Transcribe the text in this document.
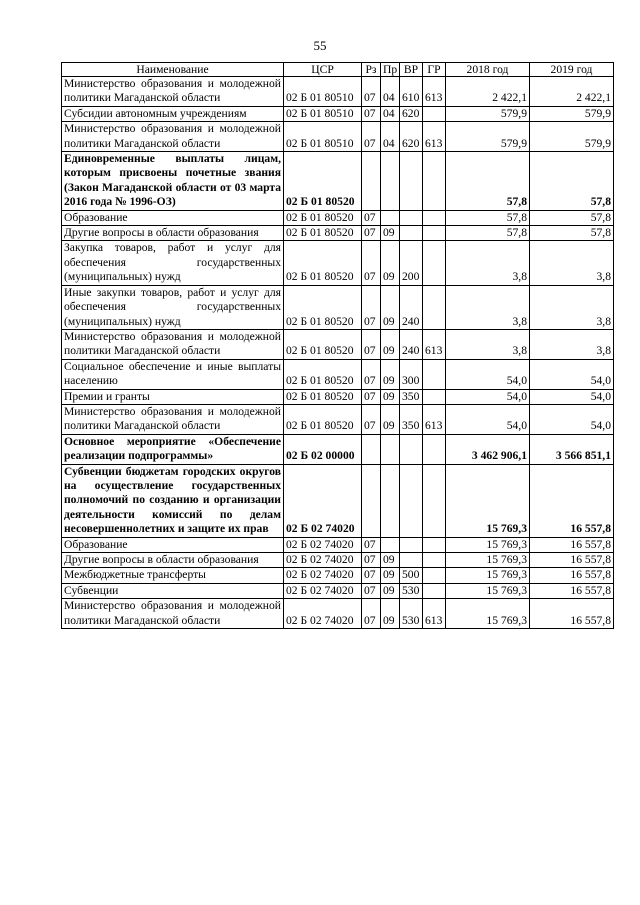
55
Наименование	ЦСР	Рз	Пр	ВР	ГР	2018 год	2019 год
Министерство образования и молодежной политики Магаданской области	02 Б 01 80510	07	04	610	613	2 422,1	2 422,1
Субсидии автономным учреждениям	02 Б 01 80510	07	04	620		579,9	579,9
Министерство образования и молодежной политики Магаданской области	02 Б 01 80510	07	04	620	613	579,9	579,9
Единовременные выплаты лицам, которым присвоены почетные звания (Закон Магаданской области от 03 марта 2016 года № 1996-ОЗ)	02 Б 01 80520					57,8	57,8
Образование	02 Б 01 80520	07				57,8	57,8
Другие вопросы в области образования	02 Б 01 80520	07	09			57,8	57,8
Закупка товаров, работ и услуг для обеспечения государственных (муниципальных) нужд	02 Б 01 80520	07	09	200		3,8	3,8
Иные закупки товаров, работ и услуг для обеспечения государственных (муниципальных) нужд	02 Б 01 80520	07	09	240		3,8	3,8
Министерство образования и молодежной политики Магаданской области	02 Б 01 80520	07	09	240	613	3,8	3,8
Социальное обеспечение и иные выплаты населению	02 Б 01 80520	07	09	300		54,0	54,0
Премии и гранты	02 Б 01 80520	07	09	350		54,0	54,0
Министерство образования и молодежной политики Магаданской области	02 Б 01 80520	07	09	350	613	54,0	54,0
Основное мероприятие «Обеспечение реализации подпрограммы»	02 Б 02 00000					3 462 906,1	3 566 851,1
Субвенции бюджетам городских округов на осуществление государственных полномочий по созданию и организации деятельности комиссий по делам несовершеннолетних и защите их прав	02 Б 02 74020					15 769,3	16 557,8
Образование	02 Б 02 74020	07				15 769,3	16 557,8
Другие вопросы в области образования	02 Б 02 74020	07	09			15 769,3	16 557,8
Межбюджетные трансферты	02 Б 02 74020	07	09	500		15 769,3	16 557,8
Субвенции	02 Б 02 74020	07	09	530		15 769,3	16 557,8
Министерство образования и молодежной политики Магаданской области	02 Б 02 74020	07	09	530	613	15 769,3	16 557,8
